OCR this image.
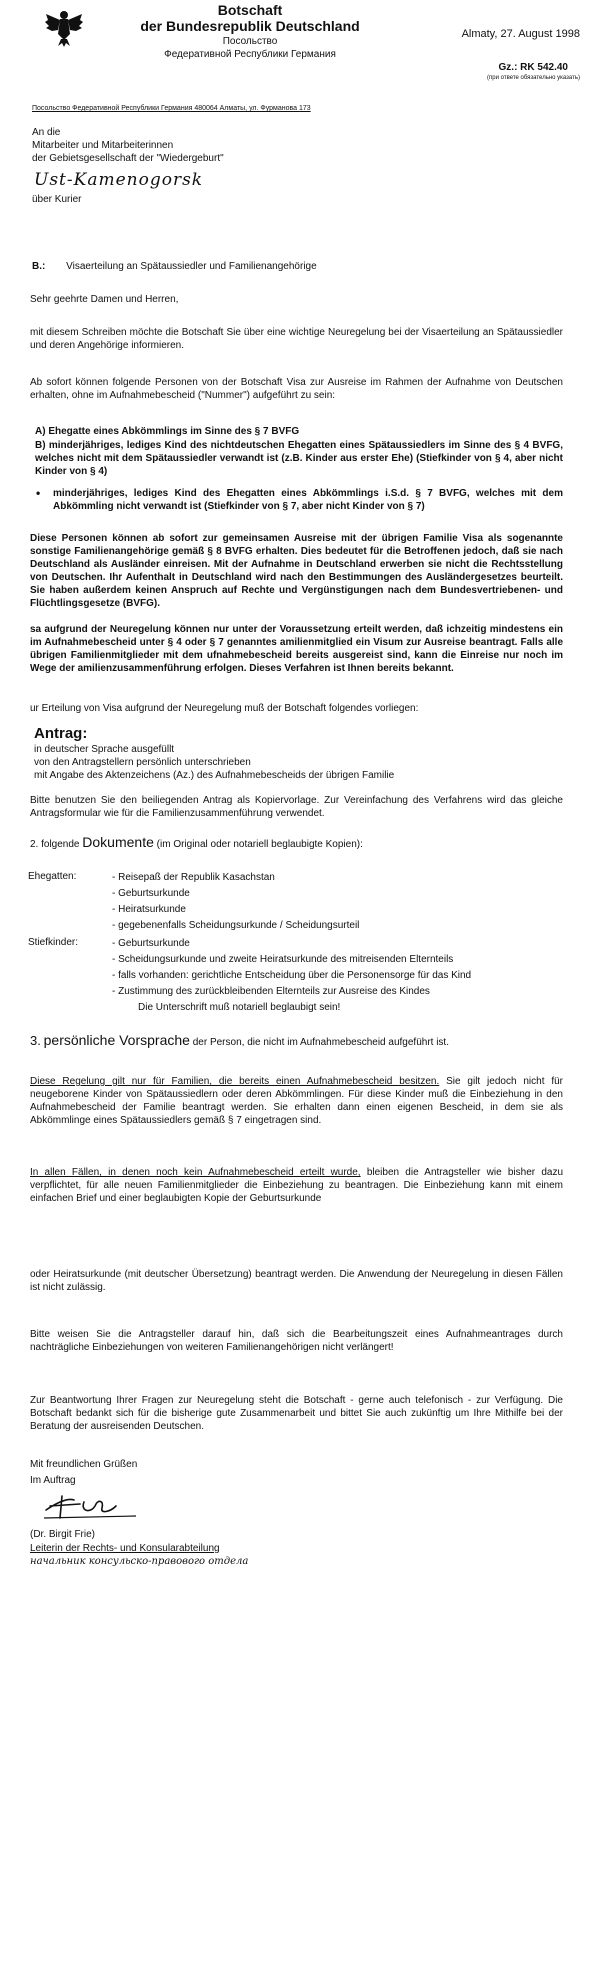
Botschaft
der Bundesrepublik Deutschland
Посольство
Федеративной Республики Германия
Almaty, 27. August 1998
Gz.: RK 542.40
(при ответе обязательно указать)
Посольство Федеративной Республики Германия 480064 Алматы, ул. Фурманова 173
An die
Mitarbeiter und Mitarbeiterinnen
der Gebietsgesellschaft der "Wiedergeburt"
Ust-Kamenogorsk
über Kurier
B.: Visaerteilung an Spätaussiedler und Familienangehörige
Sehr geehrte Damen und Herren,
mit diesem Schreiben möchte die Botschaft Sie über eine wichtige Neuregelung bei der Visaerteilung an Spätaussiedler und deren Angehörige informieren.
Ab sofort können folgende Personen von der Botschaft Visa zur Ausreise im Rahmen der Aufnahme von Deutschen erhalten, ohne im Aufnahmebescheid ("Nummer") aufgeführt zu sein:
A) Ehegatte eines Abkömmlings im Sinne des § 7 BVFG
B) minderjähriges, lediges Kind des nichtdeutschen Ehegatten eines Spätaussiedlers im Sinne des § 4 BVFG, welches nicht mit dem Spätaussiedler verwandt ist (z.B. Kinder aus erster Ehe) (Stiefkinder von § 4, aber nicht Kinder von § 4)
• minderjähriges, lediges Kind des Ehegatten eines Abkömmlings i.S.d. § 7 BVFG, welches mit dem Abkömmling nicht verwandt ist (Stiefkinder von § 7, aber nicht Kinder von § 7)
Diese Personen können ab sofort zur gemeinsamen Ausreise mit der übrigen Familie Visa als sogenannte sonstige Familienangehörige gemäß § 8 BVFG erhalten. Dies bedeutet für die Betroffenen jedoch, daß sie nach Deutschland als Ausländer einreisen. Mit der Aufnahme in Deutschland erwerben sie nicht die Rechtsstellung von Deutschen. Ihr Aufenthalt in Deutschland wird nach den Bestimmungen des Ausländergesetzes beurteilt. Sie haben außerdem keinen Anspruch auf Rechte und Vergünstigungen nach dem Bundesvertriebenen- und Flüchtlingsgesetze (BVFG).
sa aufgrund der Neuregelung können nur unter der Voraussetzung erteilt werden, daß ichzeitig mindestens ein im Aufnahmebescheid unter § 4 oder § 7 genanntes amilienmitglied ein Visum zur Ausreise beantragt. Falls alle übrigen Familienmitglieder mit dem ufnahmebescheid bereits ausgereist sind, kann die Einreise nur noch im Wege der amilienzusammenführung erfolgen. Dieses Verfahren ist Ihnen bereits bekannt.
ur Erteilung von Visa aufgrund der Neuregelung muß der Botschaft folgendes vorliegen:
Antrag:
in deutscher Sprache ausgefüllt
von den Antragstellern persönlich unterschrieben
mit Angabe des Aktenzeichens (Az.) des Aufnahmebescheids der übrigen Familie
Bitte benutzen Sie den beiliegenden Antrag als Kopiervorlage. Zur Vereinfachung des Verfahrens wird das gleiche Antragsformular wie für die Familienzusammenführung verwendet.
2. folgende Dokumente (im Original oder notariell beglaubigte Kopien):
Ehegatten:	- Reisepaß der Republik Kasachstan
- Geburtsurkunde
- Heiratsurkunde
- gegebenenfalls Scheidungsurkunde / Scheidungsurteil
Stiefkinder:	- Geburtsurkunde
- Scheidungsurkunde und zweite Heiratsurkunde des mitreisenden Elternteils
- falls vorhanden: gerichtliche Entscheidung über die Personensorge für das Kind
- Zustimmung des zurückbleibenden Elternteils zur Ausreise des Kindes
Die Unterschrift muß notariell beglaubigt sein!
3. persönliche Vorsprache der Person, die nicht im Aufnahmebescheid aufgeführt ist.
Diese Regelung gilt nur für Familien, die bereits einen Aufnahmebescheid besitzen. Sie gilt jedoch nicht für neugeborene Kinder von Spätaussiedlern oder deren Abkömmlingen. Für diese Kinder muß die Einbeziehung in den Aufnahmebescheid der Familie beantragt werden. Sie erhalten dann einen eigenen Bescheid, in dem sie als Abkömmlinge eines Spätaussiedlers gemäß § 7 eingetragen sind.
In allen Fällen, in denen noch kein Aufnahmebescheid erteilt wurde, bleiben die Antragsteller wie bisher dazu verpflichtet, für alle neuen Familienmitglieder die Einbeziehung zu beantragen. Die Einbeziehung kann mit einem einfachen Brief und einer beglaubigten Kopie der Geburtsurkunde
oder Heiratsurkunde (mit deutscher Übersetzung) beantragt werden. Die Anwendung der Neuregelung in diesen Fällen ist nicht zulässig.
Bitte weisen Sie die Antragsteller darauf hin, daß sich die Bearbeitungszeit eines Aufnahmeantrages durch nachträgliche Einbeziehungen von weiteren Familienangehörigen nicht verlängert!
Zur Beantwortung Ihrer Fragen zur Neuregelung steht die Botschaft - gerne auch telefonisch - zur Verfügung. Die Botschaft bedankt sich für die bisherige gute Zusammenarbeit und bittet Sie auch zukünftig um Ihre Mithilfe bei der Beratung der ausreisenden Deutschen.
Mit freundlichen Grüßen
Im Auftrag
(Dr. Birgit Frie)
Leiterin der Rechts- und Konsularabteilung
начальник консульско-правового отдела
